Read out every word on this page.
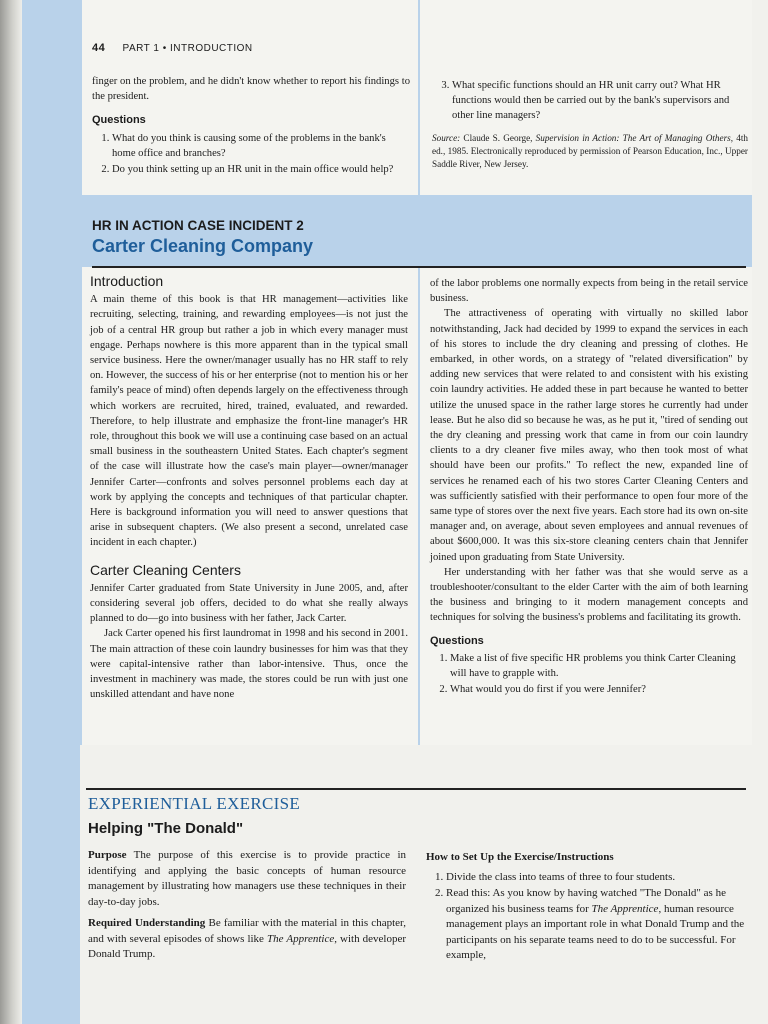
44 PART 1 • INTRODUCTION

finger on the problem, and he didn't know whether to report his findings to the president.

Questions
1. What do you think is causing some of the problems in the bank's home office and branches?
2. Do you think setting up an HR unit in the main office would help?
3. What specific functions should an HR unit carry out? What HR functions would then be carried out by the bank's supervisors and other line managers?

Source: Claude S. George, Supervision in Action: The Art of Managing Others, 4th ed., 1985. Electronically reproduced by permission of Pearson Education, Inc., Upper Saddle River, New Jersey.

HR IN ACTION CASE INCIDENT 2
Carter Cleaning Company
Introduction

A main theme of this book is that HR management—activities like recruiting, selecting, training, and rewarding employees—is not just the job of a central HR group but rather a job in which every manager must engage. Perhaps nowhere is this more apparent than in the typical small service business. Here the owner/manager usually has no HR staff to rely on. However, the success of his or her enterprise (not to mention his or her family's peace of mind) often depends largely on the effectiveness through which workers are recruited, hired, trained, evaluated, and rewarded. Therefore, to help illustrate and emphasize the front-line manager's HR role, throughout this book we will use a continuing case based on an actual small business in the southeastern United States. Each chapter's segment of the case will illustrate how the case's main player—owner/manager Jennifer Carter—confronts and solves personnel problems each day at work by applying the concepts and techniques of that particular chapter. Here is background information you will need to answer questions that arise in subsequent chapters. (We also present a second, unrelated case incident in each chapter.)

Carter Cleaning Centers

Jennifer Carter graduated from State University in June 2005, and, after considering several job offers, decided to do what she really always planned to do—go into business with her father, Jack Carter.

Jack Carter opened his first laundromat in 1998 and his second in 2001. The main attraction of these coin laundry businesses for him was that they were capital-intensive rather than labor-intensive. Thus, once the investment in machinery was made, the stores could be run with just one unskilled attendant and have none

of the labor problems one normally expects from being in the retail service business.

The attractiveness of operating with virtually no skilled labor notwithstanding, Jack had decided by 1999 to expand the services in each of his stores to include the dry cleaning and pressing of clothes. He embarked, in other words, on a strategy of "related diversification" by adding new services that were related to and consistent with his existing coin laundry activities. He added these in part because he wanted to better utilize the unused space in the rather large stores he currently had under lease. But he also did so because he was, as he put it, "tired of sending out the dry cleaning and pressing work that came in from our coin laundry clients to a dry cleaner five miles away, who then took most of what should have been our profits." To reflect the new, expanded line of services he renamed each of his two stores Carter Cleaning Centers and was sufficiently satisfied with their performance to open four more of the same type of stores over the next five years. Each store had its own on-site manager and, on average, about seven employees and annual revenues of about $600,000. It was this six-store cleaning centers chain that Jennifer joined upon graduating from State University.

Her understanding with her father was that she would serve as a troubleshooter/consultant to the elder Carter with the aim of both learning the business and bringing to it modern management concepts and techniques for solving the business's problems and facilitating its growth.

Questions
1. Make a list of five specific HR problems you think Carter Cleaning will have to grapple with.
2. What would you do first if you were Jennifer?
EXPERIENTIAL EXERCISE
Helping "The Donald"

Purpose The purpose of this exercise is to provide practice in identifying and applying the basic concepts of human resource management by illustrating how managers use these techniques in their day-to-day jobs.

Required Understanding Be familiar with the material in this chapter, and with several episodes of shows like The Apprentice, with developer Donald Trump.

How to Set Up the Exercise/Instructions
1. Divide the class into teams of three to four students.
2. Read this: As you know by having watched "The Donald" as he organized his business teams for The Apprentice, human resource management plays an important role in what Donald Trump and the participants on his separate teams need to do to be successful. For example,
